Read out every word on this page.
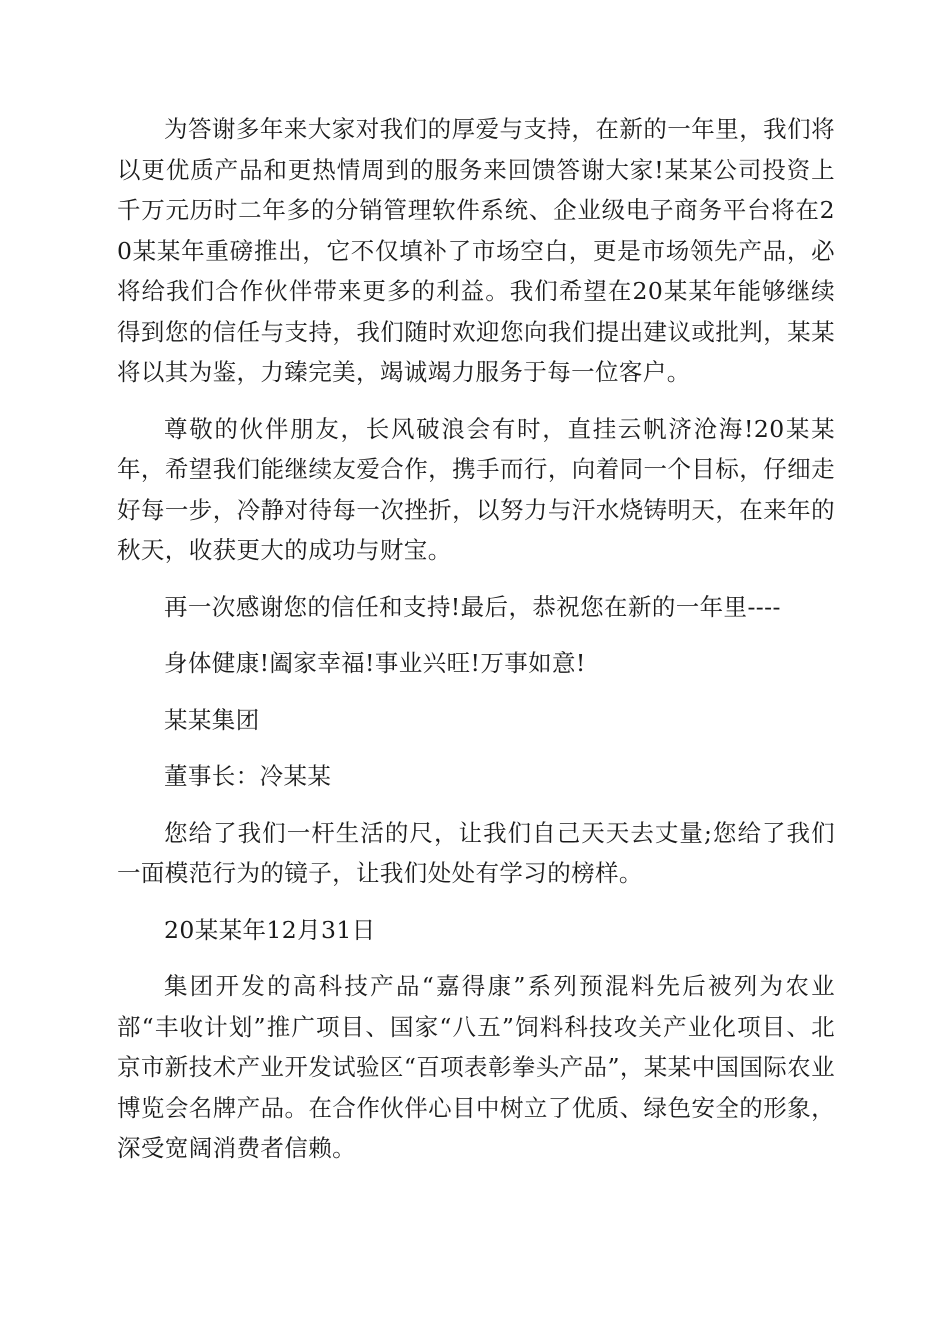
为答谢多年来大家对我们的厚爱与支持，在新的一年里，我们将以更优质产品和更热情周到的服务来回馈答谢大家!某某公司投资上千万元历时二年多的分销管理软件系统、企业级电子商务平台将在20某某年重磅推出，它不仅填补了市场空白，更是市场领先产品，必将给我们合作伙伴带来更多的利益。我们希望在20某某年能够继续得到您的信任与支持，我们随时欢迎您向我们提出建议或批判，某某将以其为鉴，力臻完美，竭诚竭力服务于每一位客户。

尊敬的伙伴朋友，长风破浪会有时，直挂云帆济沧海!20某某年，希望我们能继续友爱合作，携手而行，向着同一个目标，仔细走好每一步，冷静对待每一次挫折，以努力与汗水烧铸明天，在来年的秋天，收获更大的成功与财宝。

再一次感谢您的信任和支持!最后，恭祝您在新的一年里----

身体健康!阖家幸福!事业兴旺!万事如意!

某某集团

董事长：冷某某

您给了我们一杆生活的尺，让我们自己天天去丈量;您给了我们一面模范行为的镜子，让我们处处有学习的榜样。

20某某年12月31日

集团开发的高科技产品“嘉得康”系列预混料先后被列为农业部“丰收计划”推广项目、国家“八五”饲料科技攻关产业化项目、北京市新技术产业开发试验区“百项表彰拳头产品”，某某中国国际农业博览会名牌产品。在合作伙伴心目中树立了优质、绿色安全的形象，深受宽阔消费者信赖。
